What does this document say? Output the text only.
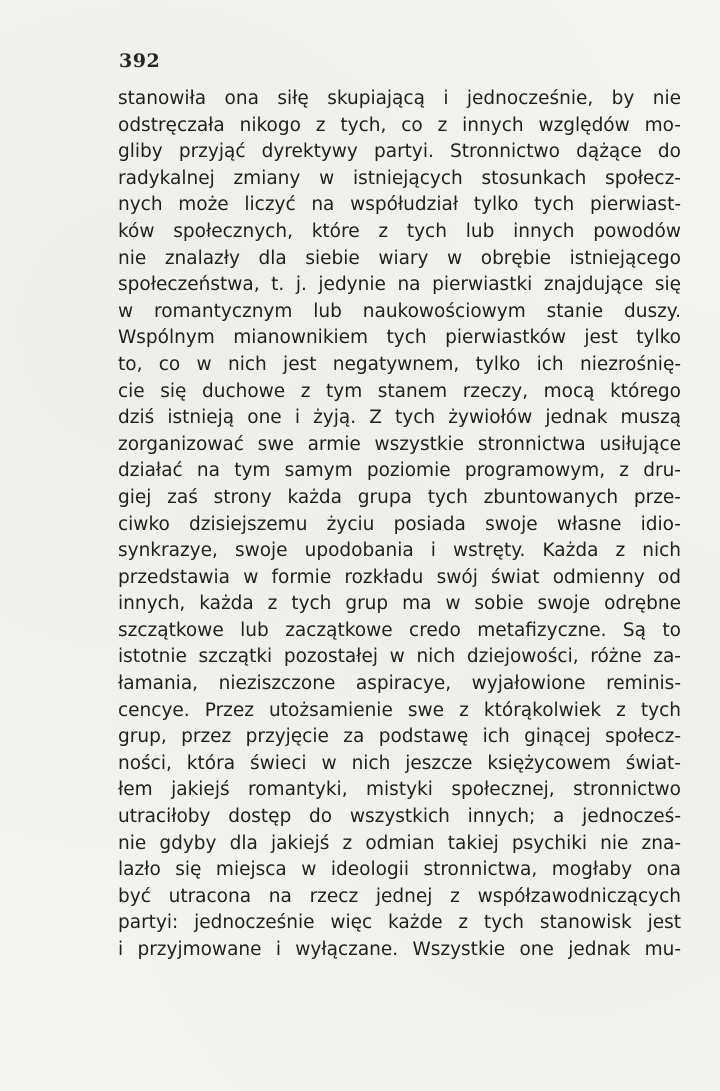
392
stanowiła ona siłę skupiającą i jednocześnie, by nie
odstręczała nikogo z tych, co z innych względów mo-
gliby przyjąć dyrektywy partyi. Stronnictwo dążące do
radykalnej zmiany w istniejących stosunkach społecz-
nych może liczyć na współudział tylko tych pierwiast-
ków społecznych, które z tych lub innych powodów
nie znalazły dla siebie wiary w obrębie istniejącego
społeczeństwa, t. j. jedynie na pierwiastki znajdujące się
w romantycznym lub naukowościowym stanie duszy.
Wspólnym mianownikiem tych pierwiastków jest tylko
to, co w nich jest negatywnem, tylko ich niezrośnię-
cie się duchowe z tym stanem rzeczy, mocą którego
dziś istnieją one i żyją. Z tych żywiołów jednak muszą
zorganizować swe armie wszystkie stronnictwa usiłujące
działać na tym samym poziomie programowym, z dru-
giej zaś strony każda grupa tych zbuntowanych prze-
ciwko dzisiejszemu życiu posiada swoje własne idio-
synkrazye, swoje upodobania i wstręty. Każda z nich
przedstawia w formie rozkładu swój świat odmienny od
innych, każda z tych grup ma w sobie swoje odrębne
szczątkowe lub zaczątkowe credo metafizyczne. Są to
istotnie szczątki pozostałej w nich dziejowości, różne za-
łamania, nieziszczone aspiracye, wyjałowione reminis-
cencye. Przez utożsamienie swe z którąkolwiek z tych
grup, przez przyjęcie za podstawę ich ginącej społecz-
ności, która świeci w nich jeszcze księżycowem świat-
łem jakiejś romantyki, mistyki społecznej, stronnictwo
utraciłoby dostęp do wszystkich innych; a jednocześ-
nie gdyby dla jakiejś z odmian takiej psychiki nie zna-
lazło się miejsca w ideologii stronnictwa, mogłaby ona
być utracona na rzecz jednej z współzawodniczących
partyi: jednocześnie więc każde z tych stanowisk jest
i przyjmowane i wyłączane. Wszystkie one jednak mu-
